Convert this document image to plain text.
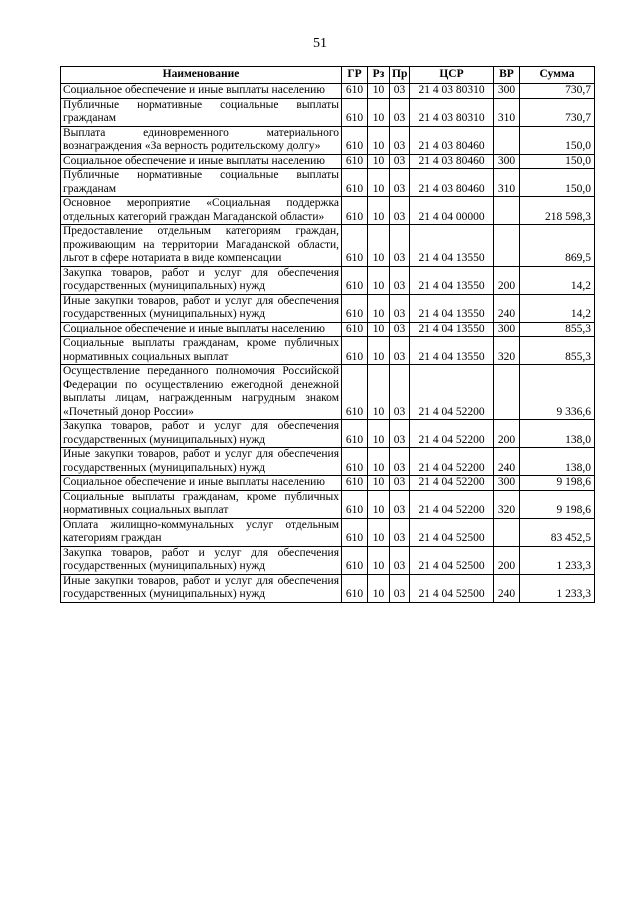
51
Наименование	ГР	Рз	Пр	ЦСР	ВР	Сумма
Социальное обеспечение и иные выплаты населению	610	10	03	21 4 03 80310	300	730,7
Публичные нормативные социальные выплаты гражданам	610	10	03	21 4 03 80310	310	730,7
Выплата единовременного материального вознаграждения «За верность родительскому долгу»	610	10	03	21 4 03 80460		150,0
Социальное обеспечение и иные выплаты населению	610	10	03	21 4 03 80460	300	150,0
Публичные нормативные социальные выплаты гражданам	610	10	03	21 4 03 80460	310	150,0
Основное мероприятие «Социальная поддержка отдельных категорий граждан Магаданской области»	610	10	03	21 4 04 00000		218 598,3
Предоставление отдельным категориям граждан, проживающим на территории Магаданской области, льгот в сфере нотариата в виде компенсации	610	10	03	21 4 04 13550		869,5
Закупка товаров, работ и услуг для обеспечения государственных (муниципальных) нужд	610	10	03	21 4 04 13550	200	14,2
Иные закупки товаров, работ и услуг для обеспечения государственных (муниципальных) нужд	610	10	03	21 4 04 13550	240	14,2
Социальное обеспечение и иные выплаты населению	610	10	03	21 4 04 13550	300	855,3
Социальные выплаты гражданам, кроме публичных нормативных социальных выплат	610	10	03	21 4 04 13550	320	855,3
Осуществление переданного полномочия Российской Федерации по осуществлению ежегодной денежной выплаты лицам, награжденным нагрудным знаком «Почетный донор России»	610	10	03	21 4 04 52200		9 336,6
Закупка товаров, работ и услуг для обеспечения государственных (муниципальных) нужд	610	10	03	21 4 04 52200	200	138,0
Иные закупки товаров, работ и услуг для обеспечения государственных (муниципальных) нужд	610	10	03	21 4 04 52200	240	138,0
Социальное обеспечение и иные выплаты населению	610	10	03	21 4 04 52200	300	9 198,6
Социальные выплаты гражданам, кроме публичных нормативных социальных выплат	610	10	03	21 4 04 52200	320	9 198,6
Оплата жилищно-коммунальных услуг отдельным категориям граждан	610	10	03	21 4 04 52500		83 452,5
Закупка товаров, работ и услуг для обеспечения государственных (муниципальных) нужд	610	10	03	21 4 04 52500	200	1 233,3
Иные закупки товаров, работ и услуг для обеспечения государственных (муниципальных) нужд	610	10	03	21 4 04 52500	240	1 233,3
